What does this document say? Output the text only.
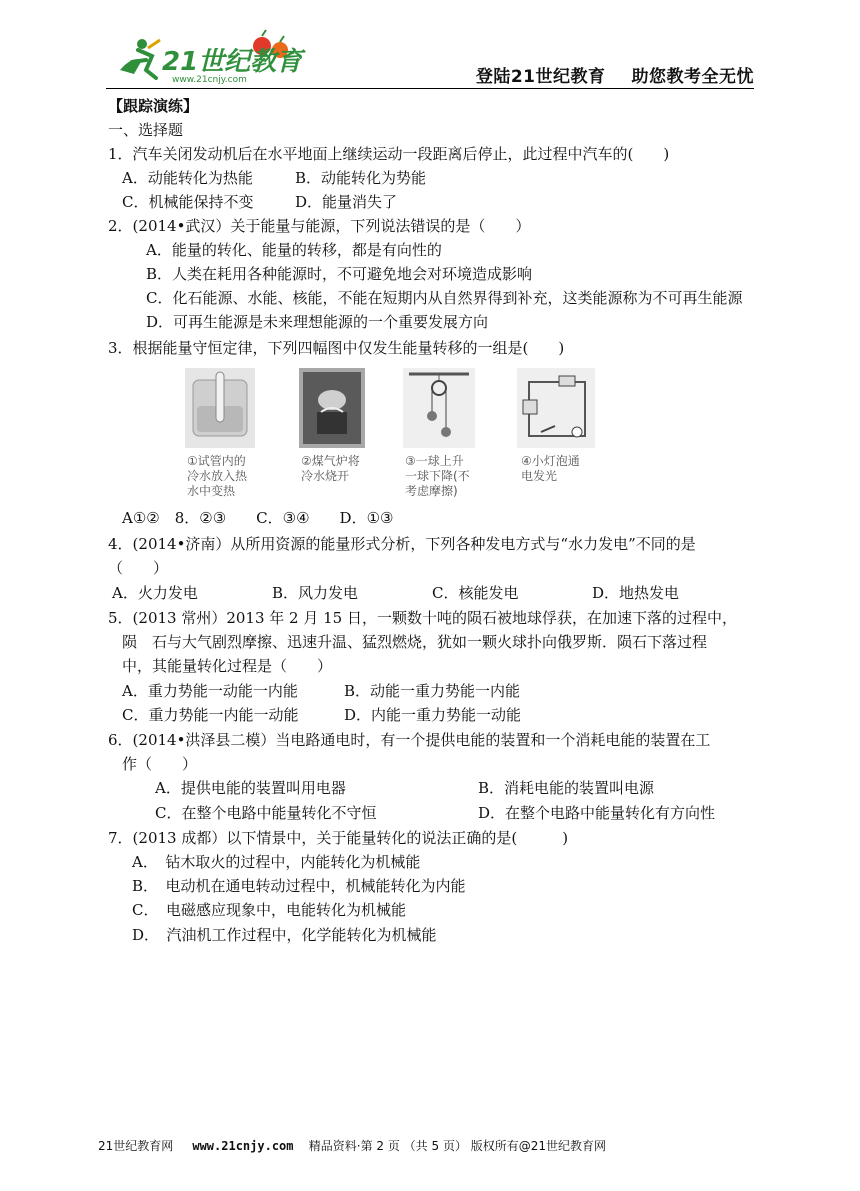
21世纪教育
www.21cnjy.com	登陆21世纪教育 助您教考全无忧
【跟踪演练】
一、选择题
1．汽车关闭发动机后在水平地面上继续运动一段距离后停止，此过程中汽车的(　　)
A．动能转化为热能	B．动能转化为势能
C．机械能保持不变	D．能量消失了
2．(2014•武汉）关于能量与能源，下列说法错误的是（　　）
A．能量的转化、能量的转移，都是有向性的
B．人类在耗用各种能源时，不可避免地会对环境造成影响
C．化石能源、水能、核能，不能在短期内从自然界得到补充，这类能源称为不可再生能源
D．可再生能源是未来理想能源的一个重要发展方向
3．根据能量守恒定律，下列四幅图中仅发生能量转移的一组是(　　)
①试管内的
冷水放入热
水中变热
②煤气炉将
冷水烧开
③一球上升
一球下降(不
考虑摩擦)
④小灯泡通
电发光
A①②　8．②③　　C．③④　　D．①③
4．(2014•济南）从所用资源的能量形式分析，下列各种发电方式与“水力发电”不同的是
（　　）
A．火力发电	B．风力发电	C．核能发电	D．地热发电
5．(2013 常州）2013 年 2 月 15 日，一颗数十吨的陨石被地球俘获，在加速下落的过程中，
陨　石与大气剧烈摩擦、迅速升温、猛烈燃烧，犹如一颗火球扑向俄罗斯．陨石下落过程
中，其能量转化过程是（　　）
A．重力势能一动能一内能	B．动能一重力势能一内能
C．重力势能一内能一动能	D．内能一重力势能一动能
6．(2014•洪泽县二模）当电路通电时，有一个提供电能的装置和一个消耗电能的装置在工
作（　　）
A．提供电能的装置叫用电器	B．消耗电能的装置叫电源
C．在整个电路中能量转化不守恒	D．在整个电路中能量转化有方向性
7．(2013 成都）以下情景中，关于能量转化的说法正确的是(　　　)
A．　钻木取火的过程中，内能转化为机械能
B．　电动机在通电转动过程中，机械能转化为内能
C．　电磁感应现象中，电能转化为机械能
D．　汽油机工作过程中，化学能转化为机械能
21世纪教育网 www.21cnjy.com 精品资料·第 2 页 （共 5 页） 版权所有@21世纪教育网
